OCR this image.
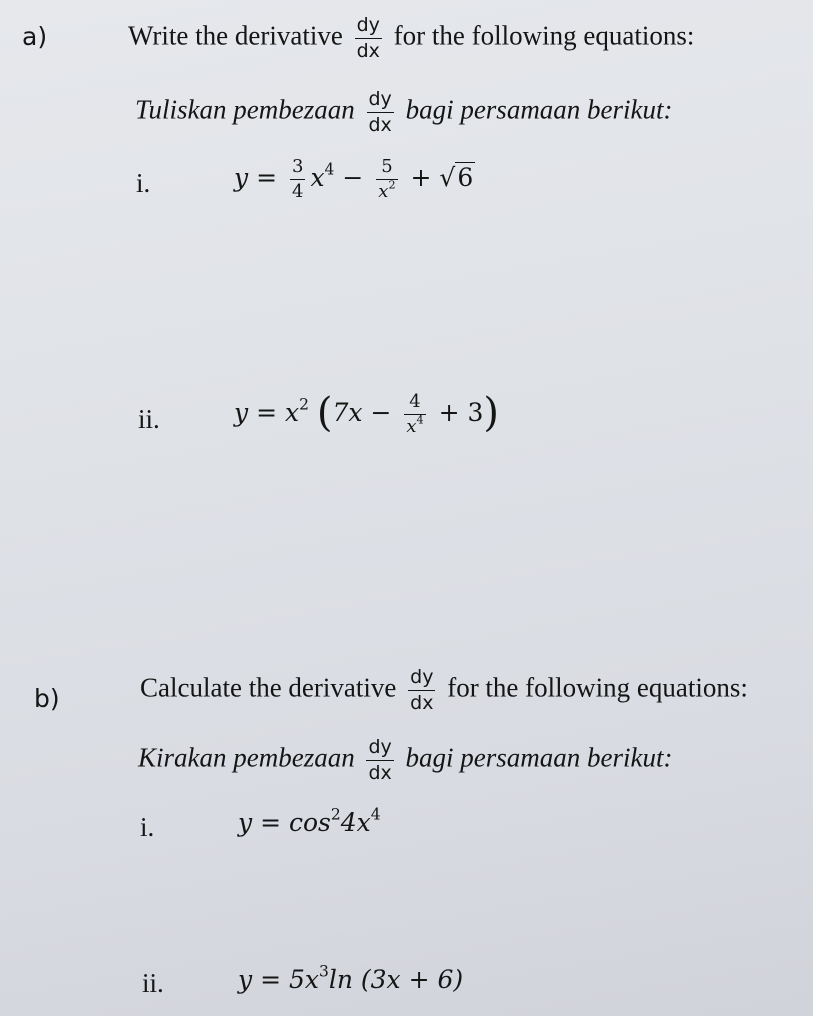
a)	Write the derivative $\frac{dy}{dx}$ for the following equations:
Tuliskan pembezaan $\frac{dy}{dx}$ bagi persamaan berikut:
i.	$y = \frac{3}{4} x^4 - \frac{5}{x^2} + √6$
ii.	$y = x^2$ $(7x - \frac{4}{x^4} + 3)$
b)	Calculate the derivative $\frac{dy}{dx}$ for the following equations:
Kirakan pembezaan $\frac{dy}{dx}$ bagi persamaan berikut:
i.	$y = \cos^24x^4$
ii.	$y = 5x^3\ln$ (3x + 6)
